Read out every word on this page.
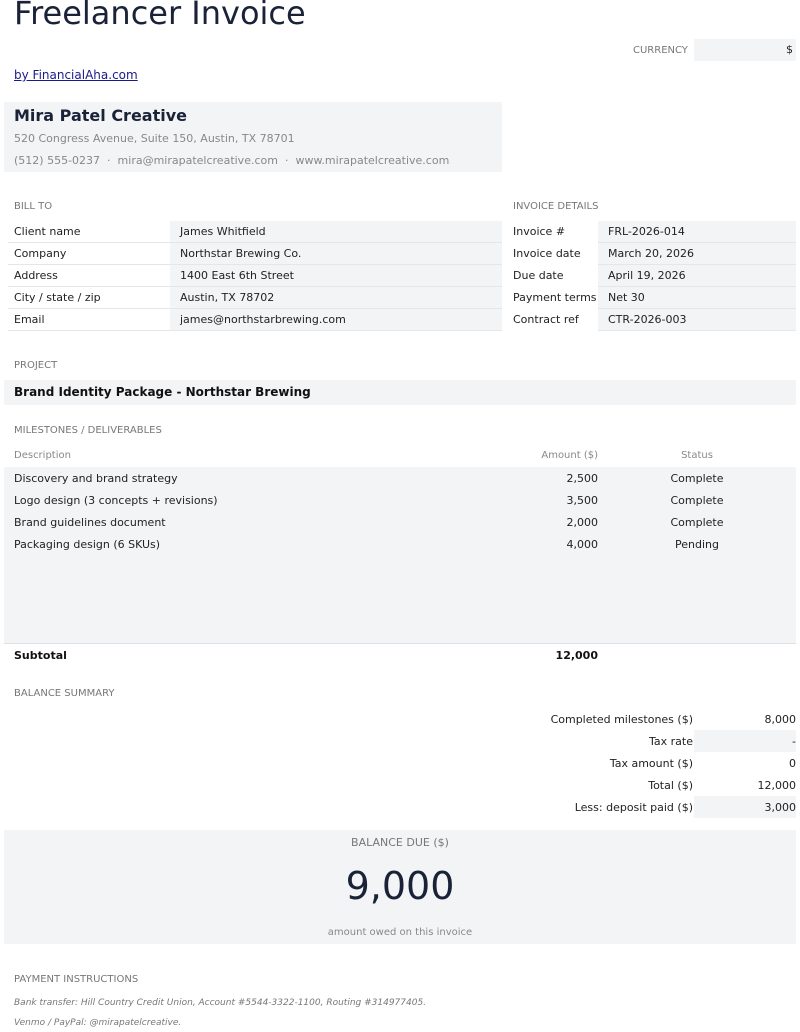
Freelancer Invoice
CURRENCY	$
by FinancialAha.com
Mira Patel Creative
520 Congress Avenue, Suite 150, Austin, TX 78701
(512) 555-0237 · mira@mirapatelcreative.com · www.mirapatelcreative.com
BILL TO
Client name	James Whitfield
Company	Northstar Brewing Co.
Address	1400 East 6th Street
City / state / zip	Austin, TX 78702
Email	james@northstarbrewing.com
INVOICE DETAILS
Invoice #	FRL-2026-014
Invoice date March 20, 2026
Due date	April 19, 2026
Payment terms Net 30
Contract ref	CTR-2026-003
PROJECT
Brand Identity Package - Northstar Brewing
MILESTONES / DELIVERABLES
Description	Amount ($)	Status
Discovery and brand strategy	2,500	Complete
Logo design (3 concepts + revisions)	3,500	Complete
Brand guidelines document	2,000	Complete
Packaging design (6 SKUs)	4,000	Pending
Subtotal	12,000
BALANCE SUMMARY
Completed milestones ($)	8,000
Tax rate	-
Tax amount ($)	0
Total ($)	12,000
Less: deposit paid ($)	3,000
BALANCE DUE ($)
9,000
amount owed on this invoice
PAYMENT INSTRUCTIONS
Bank transfer: Hill Country Credit Union, Account #5544-3322-1100, Routing #314977405.
Venmo / PayPal: @mirapatelcreative.
